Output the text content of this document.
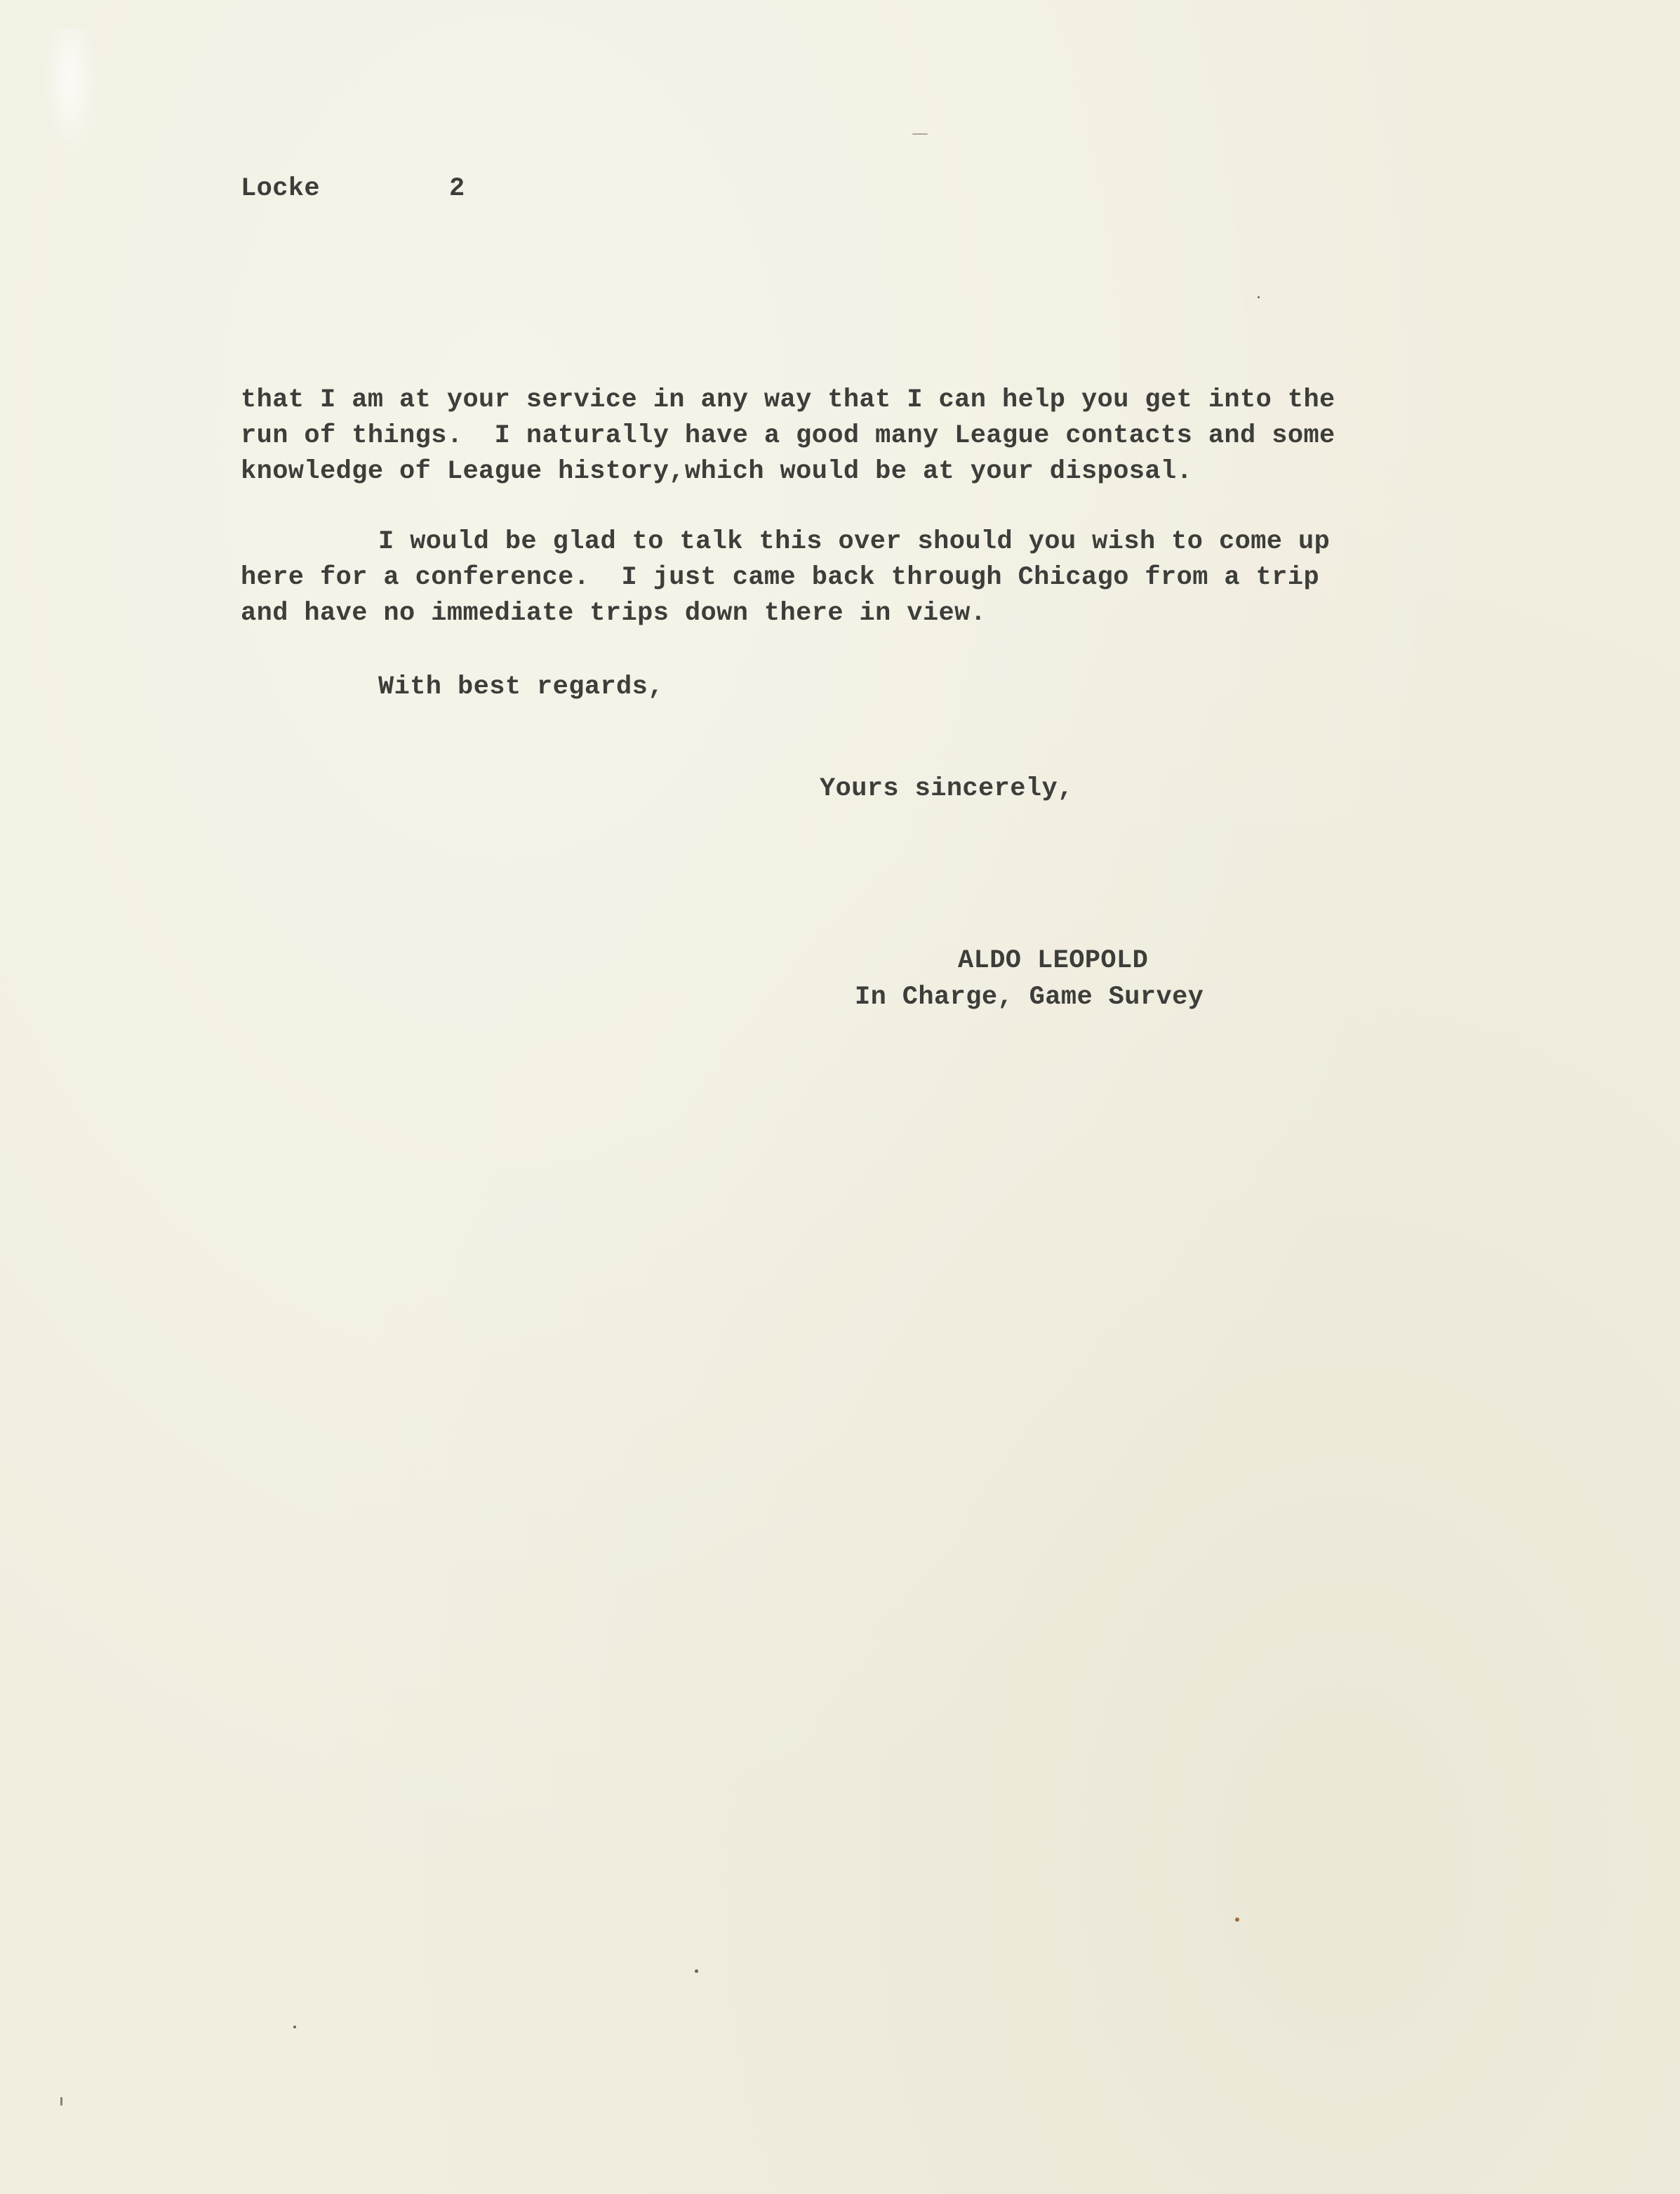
Locke	2
that I am at your service in any way that I can help you get into the
run of things.  I naturally have a good many League contacts and some
knowledge of League history,which would be at your disposal.
I would be glad to talk this over should you wish to come up
here for a conference.  I just came back through Chicago from a trip
and have no immediate trips down there in view.
With best regards,
Yours sincerely,
ALDO LEOPOLD
In Charge, Game Survey
